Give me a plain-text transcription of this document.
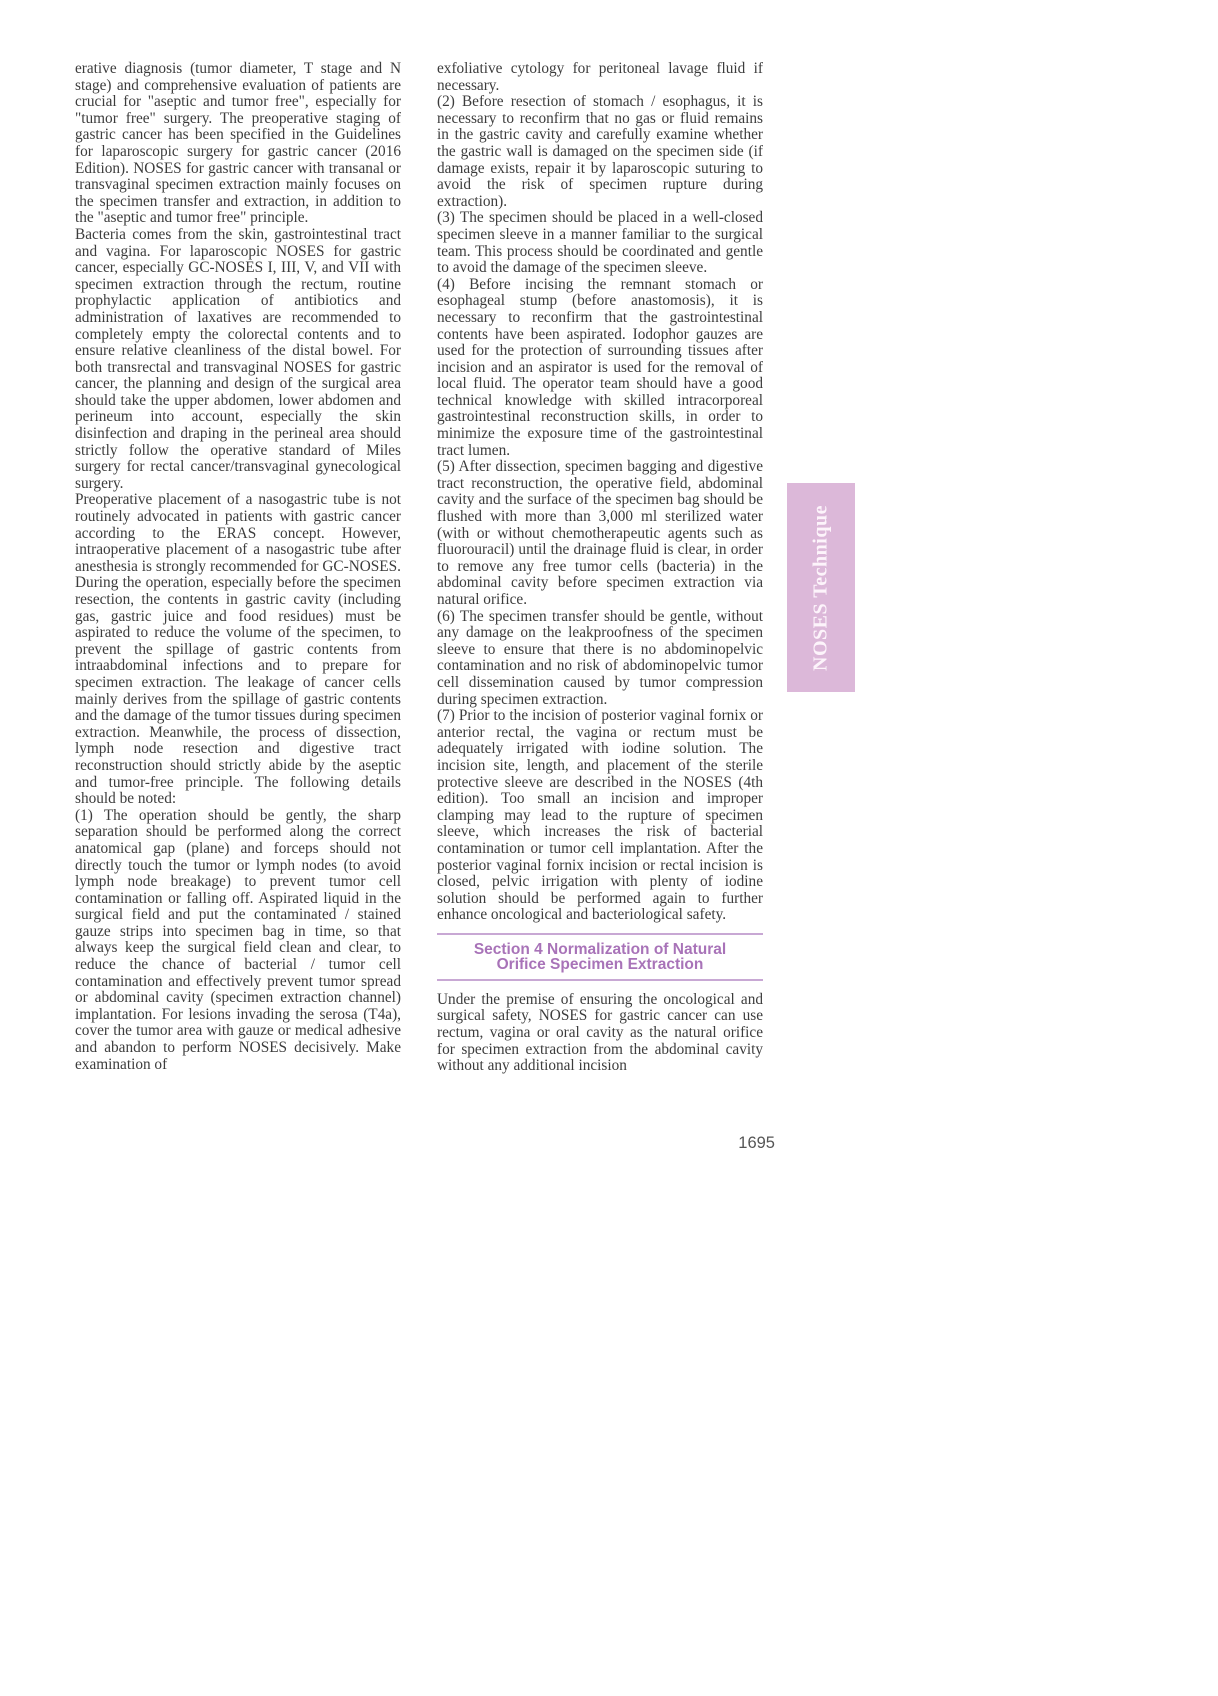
erative diagnosis (tumor diameter, T stage and N stage) and comprehensive evaluation of patients are crucial for "aseptic and tumor free", especially for "tumor free" surgery. The preoperative staging of gastric cancer has been specified in the Guidelines for laparoscopic surgery for gastric cancer (2016 Edition). NOSES for gastric cancer with transanal or transvaginal specimen extraction mainly focuses on the specimen transfer and extraction, in addition to the "aseptic and tumor free" principle.

Bacteria comes from the skin, gastrointestinal tract and vagina. For laparoscopic NOSES for gastric cancer, especially GC-NOSES I, III, V, and VII with specimen extraction through the rectum, routine prophylactic application of antibiotics and administration of laxatives are recommended to completely empty the colorectal contents and to ensure relative cleanliness of the distal bowel. For both transrectal and transvaginal NOSES for gastric cancer, the planning and design of the surgical area should take the upper abdomen, lower abdomen and perineum into account, especially the skin disinfection and draping in the perineal area should strictly follow the operative standard of Miles surgery for rectal cancer/transvaginal gynecological surgery.

Preoperative placement of a nasogastric tube is not routinely advocated in patients with gastric cancer according to the ERAS concept. However, intraoperative placement of a nasogastric tube after anesthesia is strongly recommended for GC-NOSES. During the operation, especially before the specimen resection, the contents in gastric cavity (including gas, gastric juice and food residues) must be aspirated to reduce the volume of the specimen, to prevent the spillage of gastric contents from intraabdominal infections and to prepare for specimen extraction. The leakage of cancer cells mainly derives from the spillage of gastric contents and the damage of the tumor tissues during specimen extraction. Meanwhile, the process of dissection, lymph node resection and digestive tract reconstruction should strictly abide by the aseptic and tumor-free principle. The following details should be noted:

(1) The operation should be gently, the sharp separation should be performed along the correct anatomical gap (plane) and forceps should not directly touch the tumor or lymph nodes (to avoid lymph node breakage) to prevent tumor cell contamination or falling off. Aspirated liquid in the surgical field and put the contaminated / stained gauze strips into specimen bag in time, so that always keep the surgical field clean and clear, to reduce the chance of bacterial / tumor cell contamination and effectively prevent tumor spread or abdominal cavity (specimen extraction channel) implantation. For lesions invading the serosa (T4a), cover the tumor area with gauze or medical adhesive and abandon to perform NOSES decisively. Make examination of

exfoliative cytology for peritoneal lavage fluid if necessary.

(2) Before resection of stomach / esophagus, it is necessary to reconfirm that no gas or fluid remains in the gastric cavity and carefully examine whether the gastric wall is damaged on the specimen side (if damage exists, repair it by laparoscopic suturing to avoid the risk of specimen rupture during extraction).

(3) The specimen should be placed in a well-closed specimen sleeve in a manner familiar to the surgical team. This process should be coordinated and gentle to avoid the damage of the specimen sleeve.

(4) Before incising the remnant stomach or esophageal stump (before anastomosis), it is necessary to reconfirm that the gastrointestinal contents have been aspirated. Iodophor gauzes are used for the protection of surrounding tissues after incision and an aspirator is used for the removal of local fluid. The operator team should have a good technical knowledge with skilled intracorporeal gastrointestinal reconstruction skills, in order to minimize the exposure time of the gastrointestinal tract lumen.

(5) After dissection, specimen bagging and digestive tract reconstruction, the operative field, abdominal cavity and the surface of the specimen bag should be flushed with more than 3,000 ml sterilized water (with or without chemotherapeutic agents such as fluorouracil) until the drainage fluid is clear, in order to remove any free tumor cells (bacteria) in the abdominal cavity before specimen extraction via natural orifice.

(6) The specimen transfer should be gentle, without any damage on the leakproofness of the specimen sleeve to ensure that there is no abdominopelvic contamination and no risk of abdominopelvic tumor cell dissemination caused by tumor compression during specimen extraction.

(7) Prior to the incision of posterior vaginal fornix or anterior rectal, the vagina or rectum must be adequately irrigated with iodine solution. The incision site, length, and placement of the sterile protective sleeve are described in the NOSES (4th edition). Too small an incision and improper clamping may lead to the rupture of specimen sleeve, which increases the risk of bacterial contamination or tumor cell implantation. After the posterior vaginal fornix incision or rectal incision is closed, pelvic irrigation with plenty of iodine solution should be performed again to further enhance oncological and bacteriological safety.

Section 4 Normalization of Natural
Orifice Specimen Extraction

Under the premise of ensuring the oncological and surgical safety, NOSES for gastric cancer can use rectum, vagina or oral cavity as the natural orifice for specimen extraction from the abdominal cavity without any additional incision

NOSES Technique
1695
